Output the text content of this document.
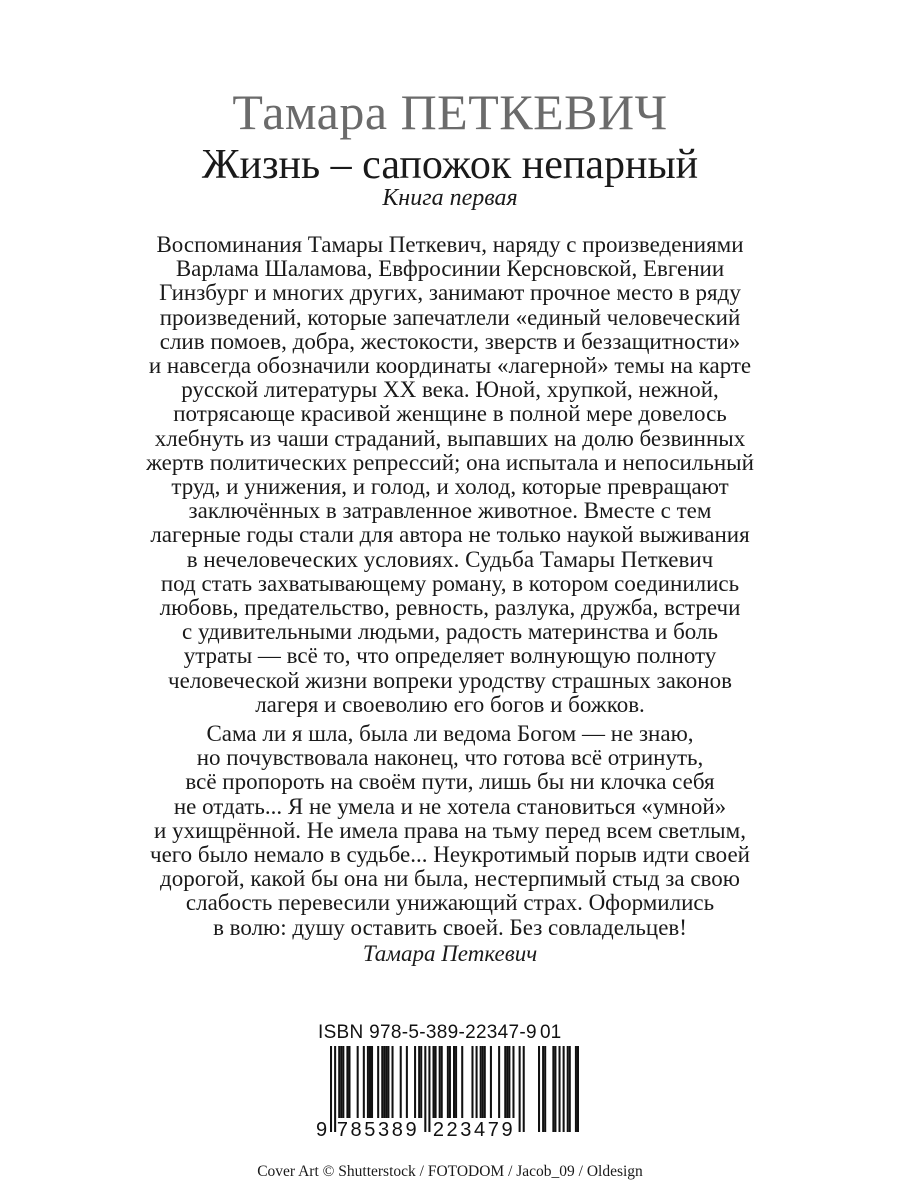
Тамара ПЕТКЕВИЧ
Жизнь – сапожок непарный
Книга первая
Воспоминания Тамары Петкевич, наряду с произведениями
Варлама Шаламова, Евфросинии Керсновской, Евгении
Гинзбург и многих других, занимают прочное место в ряду
произведений, которые запечатлели «единый человеческий
слив помоев, добра, жестокости, зверств и беззащитности»
и навсегда обозначили координаты «лагерной» темы на карте
русской литературы XX века. Юной, хрупкой, нежной,
потрясающе красивой женщине в полной мере довелось
хлебнуть из чаши страданий, выпавших на долю безвинных
жертв политических репрессий; она испытала и непосильный
труд, и унижения, и голод, и холод, которые превращают
заключённых в затравленное животное. Вместе с тем
лагерные годы стали для автора не только наукой выживания
в нечеловеческих условиях. Судьба Тамары Петкевич
под стать захватывающему роману, в котором соединились
любовь, предательство, ревность, разлука, дружба, встречи
с удивительными людьми, радость материнства и боль
утраты — всё то, что определяет волнующую полноту
человеческой жизни вопреки уродству страшных законов
лагеря и своеволию его богов и божков.
Сама ли я шла, была ли ведома Богом — не знаю,
но почувствовала наконец, что готова всё отринуть,
всё пропороть на своём пути, лишь бы ни клочка себя
не отдать... Я не умела и не хотела становиться «умной»
и ухищрённой. Не имела права на тьму перед всем светлым,
чего было немало в судьбе... Неукротимый порыв идти своей
дорогой, какой бы она ни была, нестерпимый стыд за свою
слабость перевесили унижающий страх. Оформились
в волю: душу оставить своей. Без совладельцев!
Тамара Петкевич
ISBN 978-5-389-22347-9 01
9 785389 223479
Cover Art © Shutterstock / FOTODOM / Jacob_09 / Oldesign
